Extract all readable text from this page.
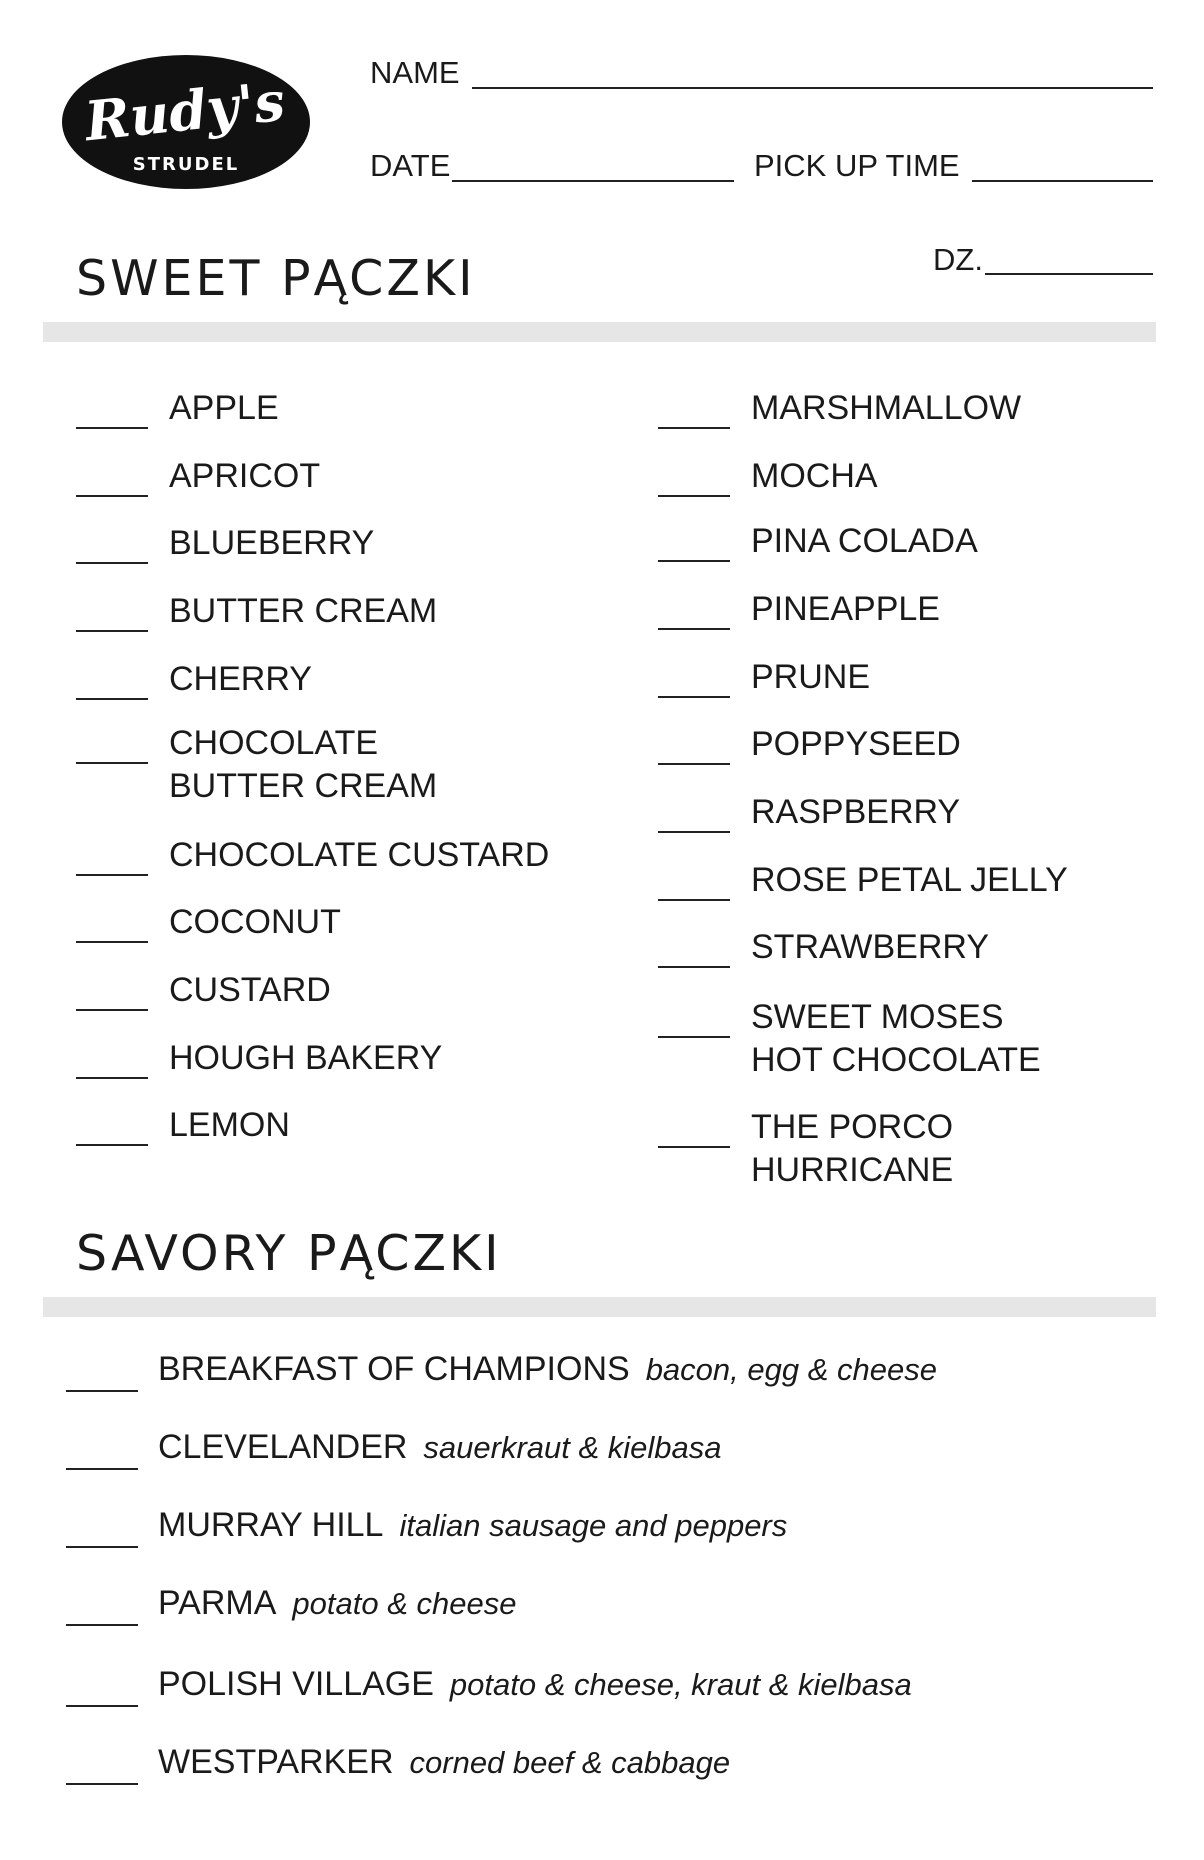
Rudy's
STRUDEL
NAME
DATE	PICK UP TIME
DZ.
SWEET PĄCZKI
APPLE
APRICOT
BLUEBERRY
BUTTER CREAM
CHERRY
CHOCOLATE
BUTTER CREAM
CHOCOLATE CUSTARD
COCONUT
CUSTARD
HOUGH BAKERY
LEMON
MARSHMALLOW
MOCHA
PINA COLADA
PINEAPPLE
PRUNE
POPPYSEED
RASPBERRY
ROSE PETAL JELLY
STRAWBERRY
SWEET MOSES
HOT CHOCOLATE
THE PORCO
HURRICANE
SAVORY PĄCZKI
BREAKFAST OF CHAMPIONS bacon, egg & cheese
CLEVELANDER sauerkraut & kielbasa
MURRAY HILL italian sausage and peppers
PARMA potato & cheese
POLISH VILLAGE potato & cheese, kraut & kielbasa
WESTPARKER corned beef & cabbage
